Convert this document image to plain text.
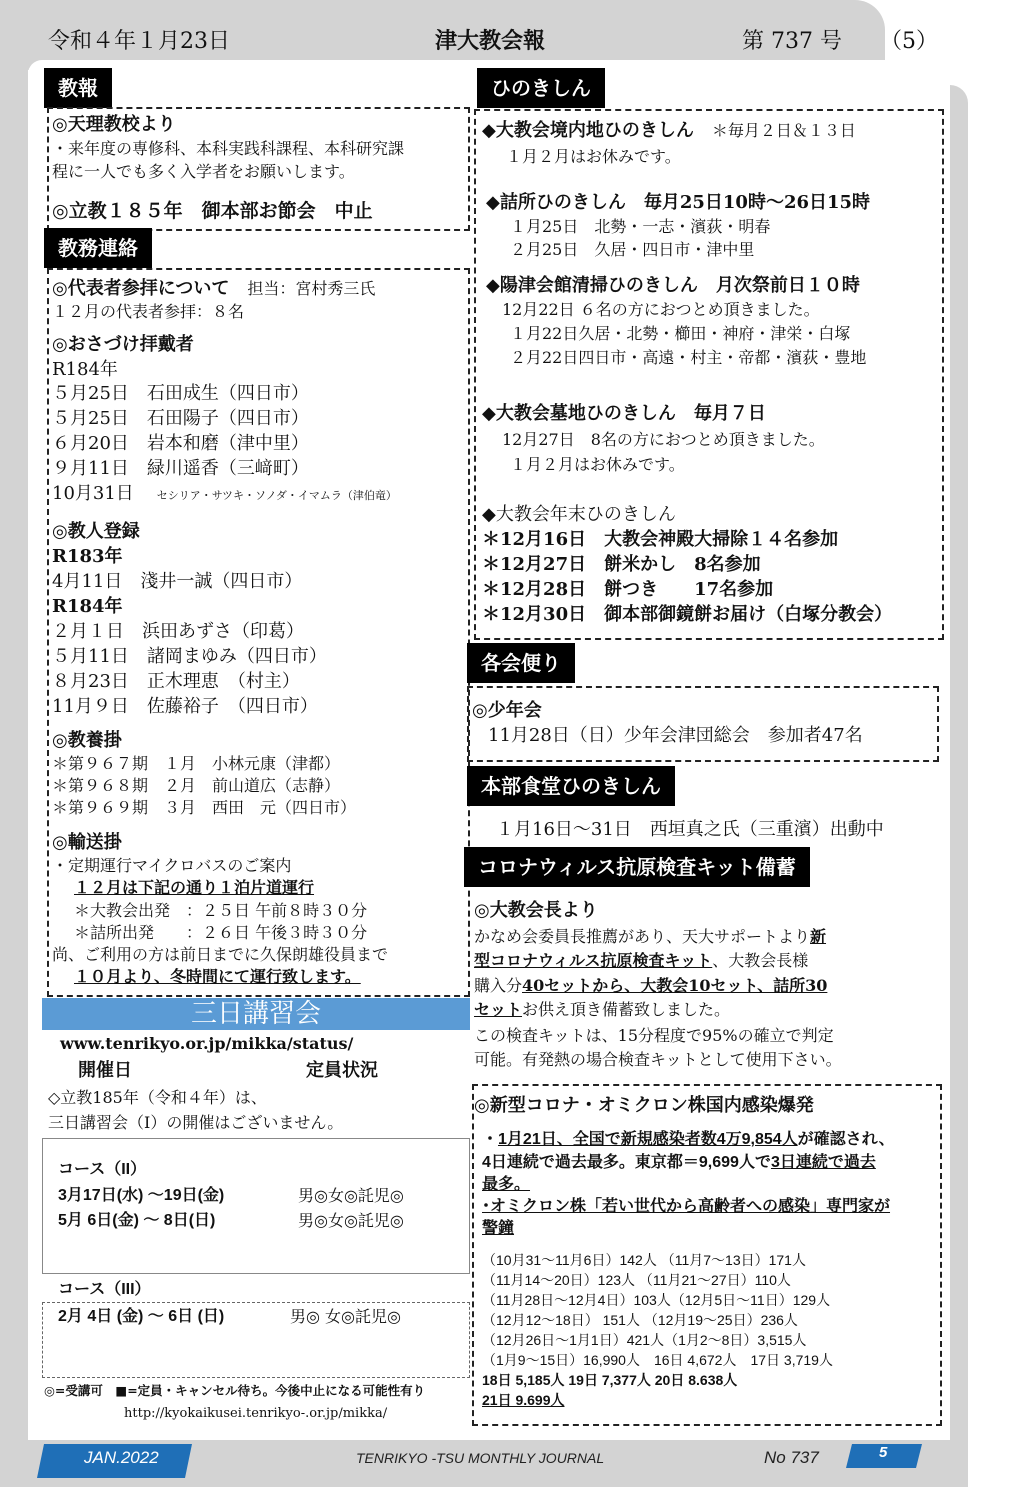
令和４年１月23日	津大教会報	第 737 号 （5）
教報
◎天理教校より
・来年度の専修科、本科実践科課程、本科研究課
程に一人でも多く入学者をお願いします。
◎立教１８５年　御本部お節会　中止
教務連絡
◎代表者参拝について　担当：宮村秀三氏
１２月の代表者参拝：８名
◎おさづけ拝戴者
R184年
５月25日　石田成生（四日市）
５月25日　石田陽子（四日市）
６月20日　岩本和磨（津中里）
９月11日　緑川遥香（三﨑町）
10月31日 セシリア・サツキ・ソノダ・イマムラ（津伯竜）
◎教人登録
R183年
4月11日　淺井一誠（四日市）
R184年
２月１日　浜田あずさ（印葛）
５月11日　諸岡まゆみ（四日市）
８月23日　正木理恵　（村主）
11月９日　佐藤裕子　（四日市）
◎教養掛
＊第９６７期　１月　小林元康（津都）
＊第９６８期　２月　前山道広（志静）
＊第９６９期　３月　西田　元（四日市）
◎輸送掛
・定期運行マイクロバスのご案内
１２月は下記の通り１泊片道運行
＊大教会出発　：２５日 午前８時３０分
＊詰所出発　　：２６日 午後３時３０分
尚、ご利用の方は前日までに久保朗雄役員まで
１０月より、冬時間にて運行致します。
三日講習会
www.tenrikyo.or.jp/mikka/status/
開催日	定員状況
◇立教185年（令和４年）は、
三日講習会（Ⅰ）の開催はございません。
コース（II）
3月17日(水) ～19日(金)	男◎女◎託児◎
5月 6日(金) ～ 8日(日)	男◎女◎託児◎
コース（III）
2月 4日 (金) ～ 6日 (日)	男◎ 女◎託児◎
◎=受講可　■=定員・キャンセル待ち。今後中止になる可能性有り
http://kyokaikusei.tenrikyo-.or.jp/mikka/
ひのきしん
◆大教会境内地ひのきしん　＊毎月２日＆１３日
１月２月はお休みです。
◆詰所ひのきしん　毎月25日10時～26日15時
１月25日　北勢・一志・濱荻・明春
２月25日　久居・四日市・津中里
◆陽津会館清掃ひのきしん　月次祭前日１０時
12月22日 ６名の方におつとめ頂きました。
１月22日久居・北勢・櫛田・神府・津栄・白塚
２月22日四日市・高遠・村主・帝都・濱荻・豊地
◆大教会墓地ひのきしん　毎月７日
12月27日　8名の方におつとめ頂きました。
１月２月はお休みです。
◆大教会年末ひのきしん
＊12月16日　大教会神殿大掃除１４名参加
＊12月27日　餅米かし　8名参加
＊12月28日　餅つき　　17名参加
＊12月30日　御本部御鏡餅お届け（白塚分教会）
各会便り
◎少年会
11月28日（日）少年会津団総会　参加者47名
本部食堂ひのきしん
１月16日～31日　西垣真之氏（三重濱）出動中
コロナウィルス抗原検査キット備蓄
◎大教会長より
かなめ会委員長推薦があり、天大サポートより新
型コロナウィルス抗原検査キット、大教会長様
購入分40セットから、大教会10セット、詰所30
セットお供え頂き備蓄致しました。
この検査キットは、15分程度で95%の確立で判定
可能。有発熱の場合検査キットとして使用下さい。
◎新型コロナ・オミクロン株国内感染爆発
・1月21日、全国で新規感染者数4万9,854人が確認され、
4日連続で過去最多。東京都＝9,699人で3日連続で過去
最多。
･オミクロン株「若い世代から高齢者への感染」専門家が
警鐘
（10月31～11月6日）142人 （11月7～13日）171人
（11月14～20日）123人 （11月21～27日）110人
（11月28日～12月4日）103人（12月5日～11日）129人
（12月12～18日） 151人 （12月19～25日）236人
（12月26日～1月1日）421人（1月2～8日）3,515人
（1月9～15日）16,990人　16日 4,672人　17日 3,719人
18日 5,185人 19日 7,377人 20日 8.638人
21日 9.699人
JAN.2022	TENRIKYO -TSU MONTHLY JOURNAL	No 737	5
